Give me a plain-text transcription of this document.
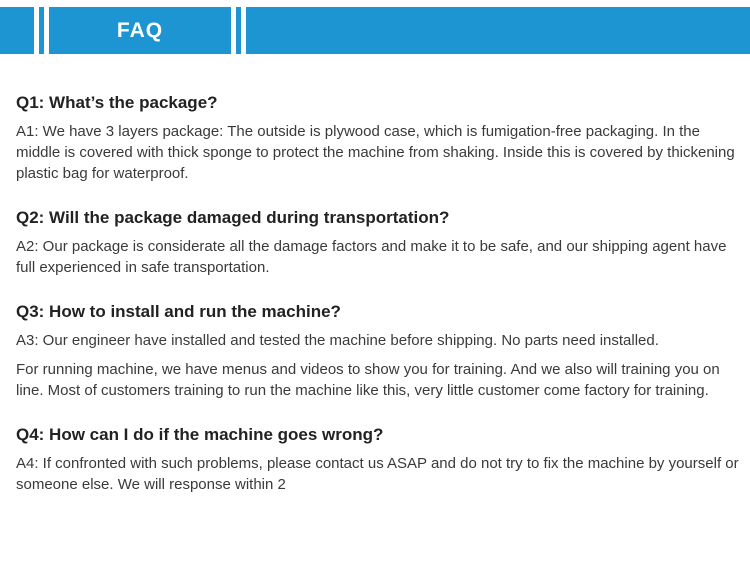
FAQ

Q1: What’s the package?

A1: We have 3 layers package: The outside is plywood case, which is fumigation-free packaging. In the middle is covered with thick sponge to protect the machine from shaking. Inside this is covered by thickening plastic bag for waterproof.

Q2: Will the package damaged during transportation?

A2: Our package is considerate all the damage factors and make it to be safe, and our shipping agent have full experienced in safe transportation.

Q3: How to install and run the machine?

A3: Our engineer have installed and tested the machine before shipping. No parts need installed.

For running machine, we have menus and videos to show you for training. And we also will training you on line. Most of customers training to run the machine like this, very little customer come factory for training.

Q4: How can I do if the machine goes wrong?

A4: If confronted with such problems, please contact us ASAP and do not try to fix the machine by yourself or someone else. We will response within 2
